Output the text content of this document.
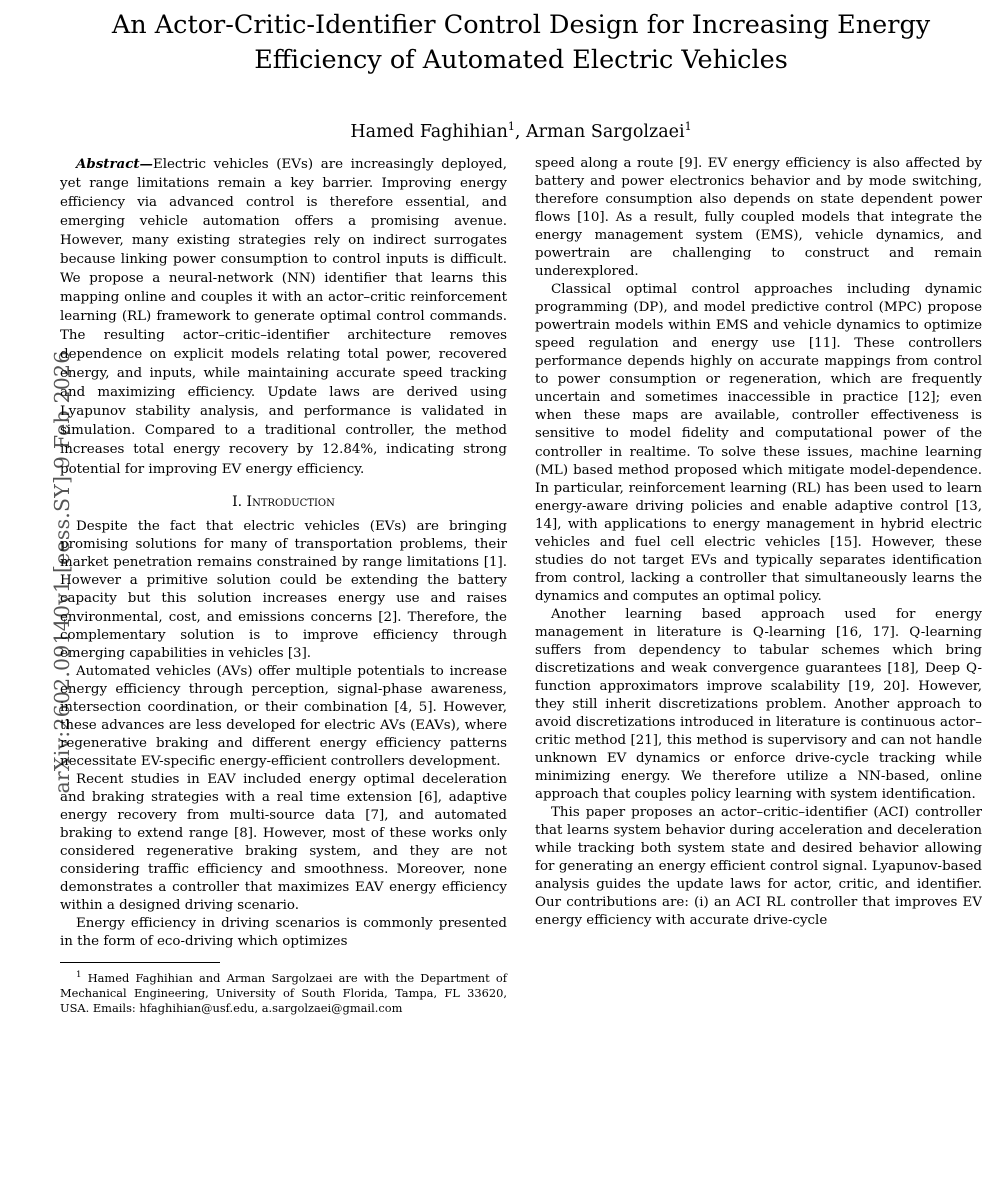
arXiv:2602.09140v1 [eess.SY] 9 Feb 2026
An Actor-Critic-Identifier Control Design for Increasing Energy Efficiency of Automated Electric Vehicles
Hamed Faghihian$^1$, Arman Sargolzaei$^1$

Abstract—Electric vehicles (EVs) are increasingly deployed, yet range limitations remain a key barrier. Improving energy efficiency via advanced control is therefore essential, and emerging vehicle automation offers a promising avenue. However, many existing strategies rely on indirect surrogates because linking power consumption to control inputs is difficult. We propose a neural-network (NN) identifier that learns this mapping online and couples it with an actor–critic reinforcement learning (RL) framework to generate optimal control commands. The resulting actor–critic–identifier architecture removes dependence on explicit models relating total power, recovered energy, and inputs, while maintaining accurate speed tracking and maximizing efficiency. Update laws are derived using Lyapunov stability analysis, and performance is validated in simulation. Compared to a traditional controller, the method increases total energy recovery by 12.84%, indicating strong potential for improving EV energy efficiency.

I. Introduction

Despite the fact that electric vehicles (EVs) are bringing promising solutions for many of transportation problems, their market penetration remains constrained by range limitations [1]. However a primitive solution could be extending the battery capacity but this solution increases energy use and raises environmental, cost, and emissions concerns [2]. Therefore, the complementary solution is to improve efficiency through emerging capabilities in vehicles [3].

Automated vehicles (AVs) offer multiple potentials to increase energy efficiency through perception, signal-phase awareness, intersection coordination, or their combination [4, 5]. However, these advances are less developed for electric AVs (EAVs), where regenerative braking and different energy efficiency patterns necessitate EV-specific energy-efficient controllers development.

Recent studies in EAV included energy optimal deceleration and braking strategies with a real time extension [6], adaptive energy recovery from multi-source data [7], and automated braking to extend range [8]. However, most of these works only considered regenerative braking system, and they are not considering traffic efficiency and smoothness. Moreover, none demonstrates a controller that maximizes EAV energy efficiency within a designed driving scenario.

Energy efficiency in driving scenarios is commonly presented in the form of eco-driving which optimizes

$^1$ Hamed Faghihian and Arman Sargolzaei are with the Department of Mechanical Engineering, University of South Florida, Tampa, FL 33620, USA. Emails: hfaghihian@usf.edu, a.sargolzaei@gmail.com

speed along a route [9]. EV energy efficiency is also affected by battery and power electronics behavior and by mode switching, therefore consumption also depends on state dependent power flows [10]. As a result, fully coupled models that integrate the energy management system (EMS), vehicle dynamics, and powertrain are challenging to construct and remain underexplored.

Classical optimal control approaches including dynamic programming (DP), and model predictive control (MPC) propose powertrain models within EMS and vehicle dynamics to optimize speed regulation and energy use [11]. These controllers performance depends highly on accurate mappings from control to power consumption or regeneration, which are frequently uncertain and sometimes inaccessible in practice [12]; even when these maps are available, controller effectiveness is sensitive to model fidelity and computational power of the controller in realtime. To solve these issues, machine learning (ML) based method proposed which mitigate model-dependence. In particular, reinforcement learning (RL) has been used to learn energy-aware driving policies and enable adaptive control [13, 14], with applications to energy management in hybrid electric vehicles and fuel cell electric vehicles [15]. However, these studies do not target EVs and typically separates identification from control, lacking a controller that simultaneously learns the dynamics and computes an optimal policy.

Another learning based approach used for energy management in literature is Q-learning [16, 17]. Q-learning suffers from dependency to tabular schemes which bring discretizations and weak convergence guarantees [18], Deep Q-function approximators improve scalability [19, 20]. However, they still inherit discretizations problem. Another approach to avoid discretizations introduced in literature is continuous actor–critic method [21], this method is supervisory and can not handle unknown EV dynamics or enforce drive-cycle tracking while minimizing energy. We therefore utilize a NN-based, online approach that couples policy learning with system identification.

This paper proposes an actor–critic–identifier (ACI) controller that learns system behavior during acceleration and deceleration while tracking both system state and desired behavior allowing for generating an energy efficient control signal. Lyapunov-based analysis guides the update laws for actor, critic, and identifier. Our contributions are: (i) an ACI RL controller that improves EV energy efficiency with accurate drive-cycle
